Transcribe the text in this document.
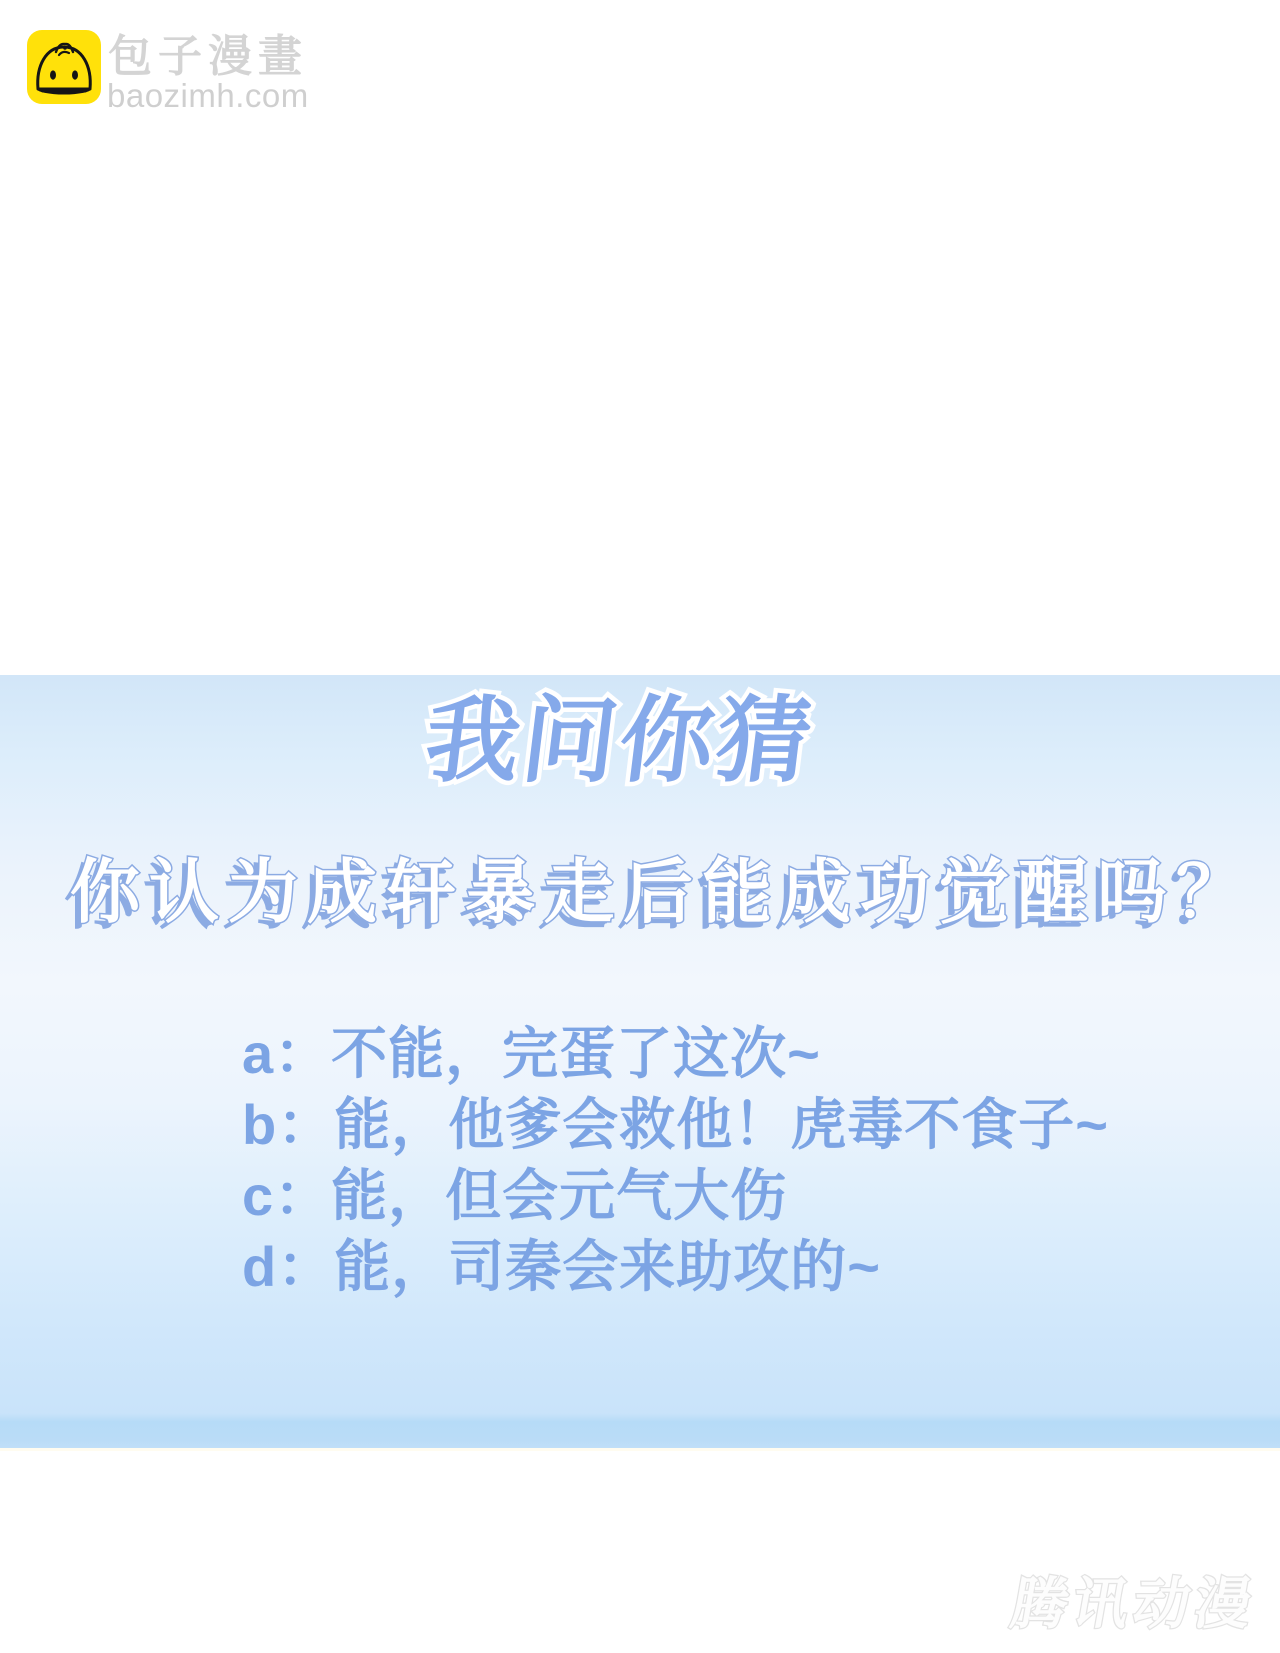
包子漫畫
baozimh.com
我问你猜
你认为成轩暴走后能成功觉醒吗？
a：不能，完蛋了这次~
b：能，他爹会救他！虎毒不食子~
c：能，但会元气大伤
d：能，司秦会来助攻的~
腾讯动漫
